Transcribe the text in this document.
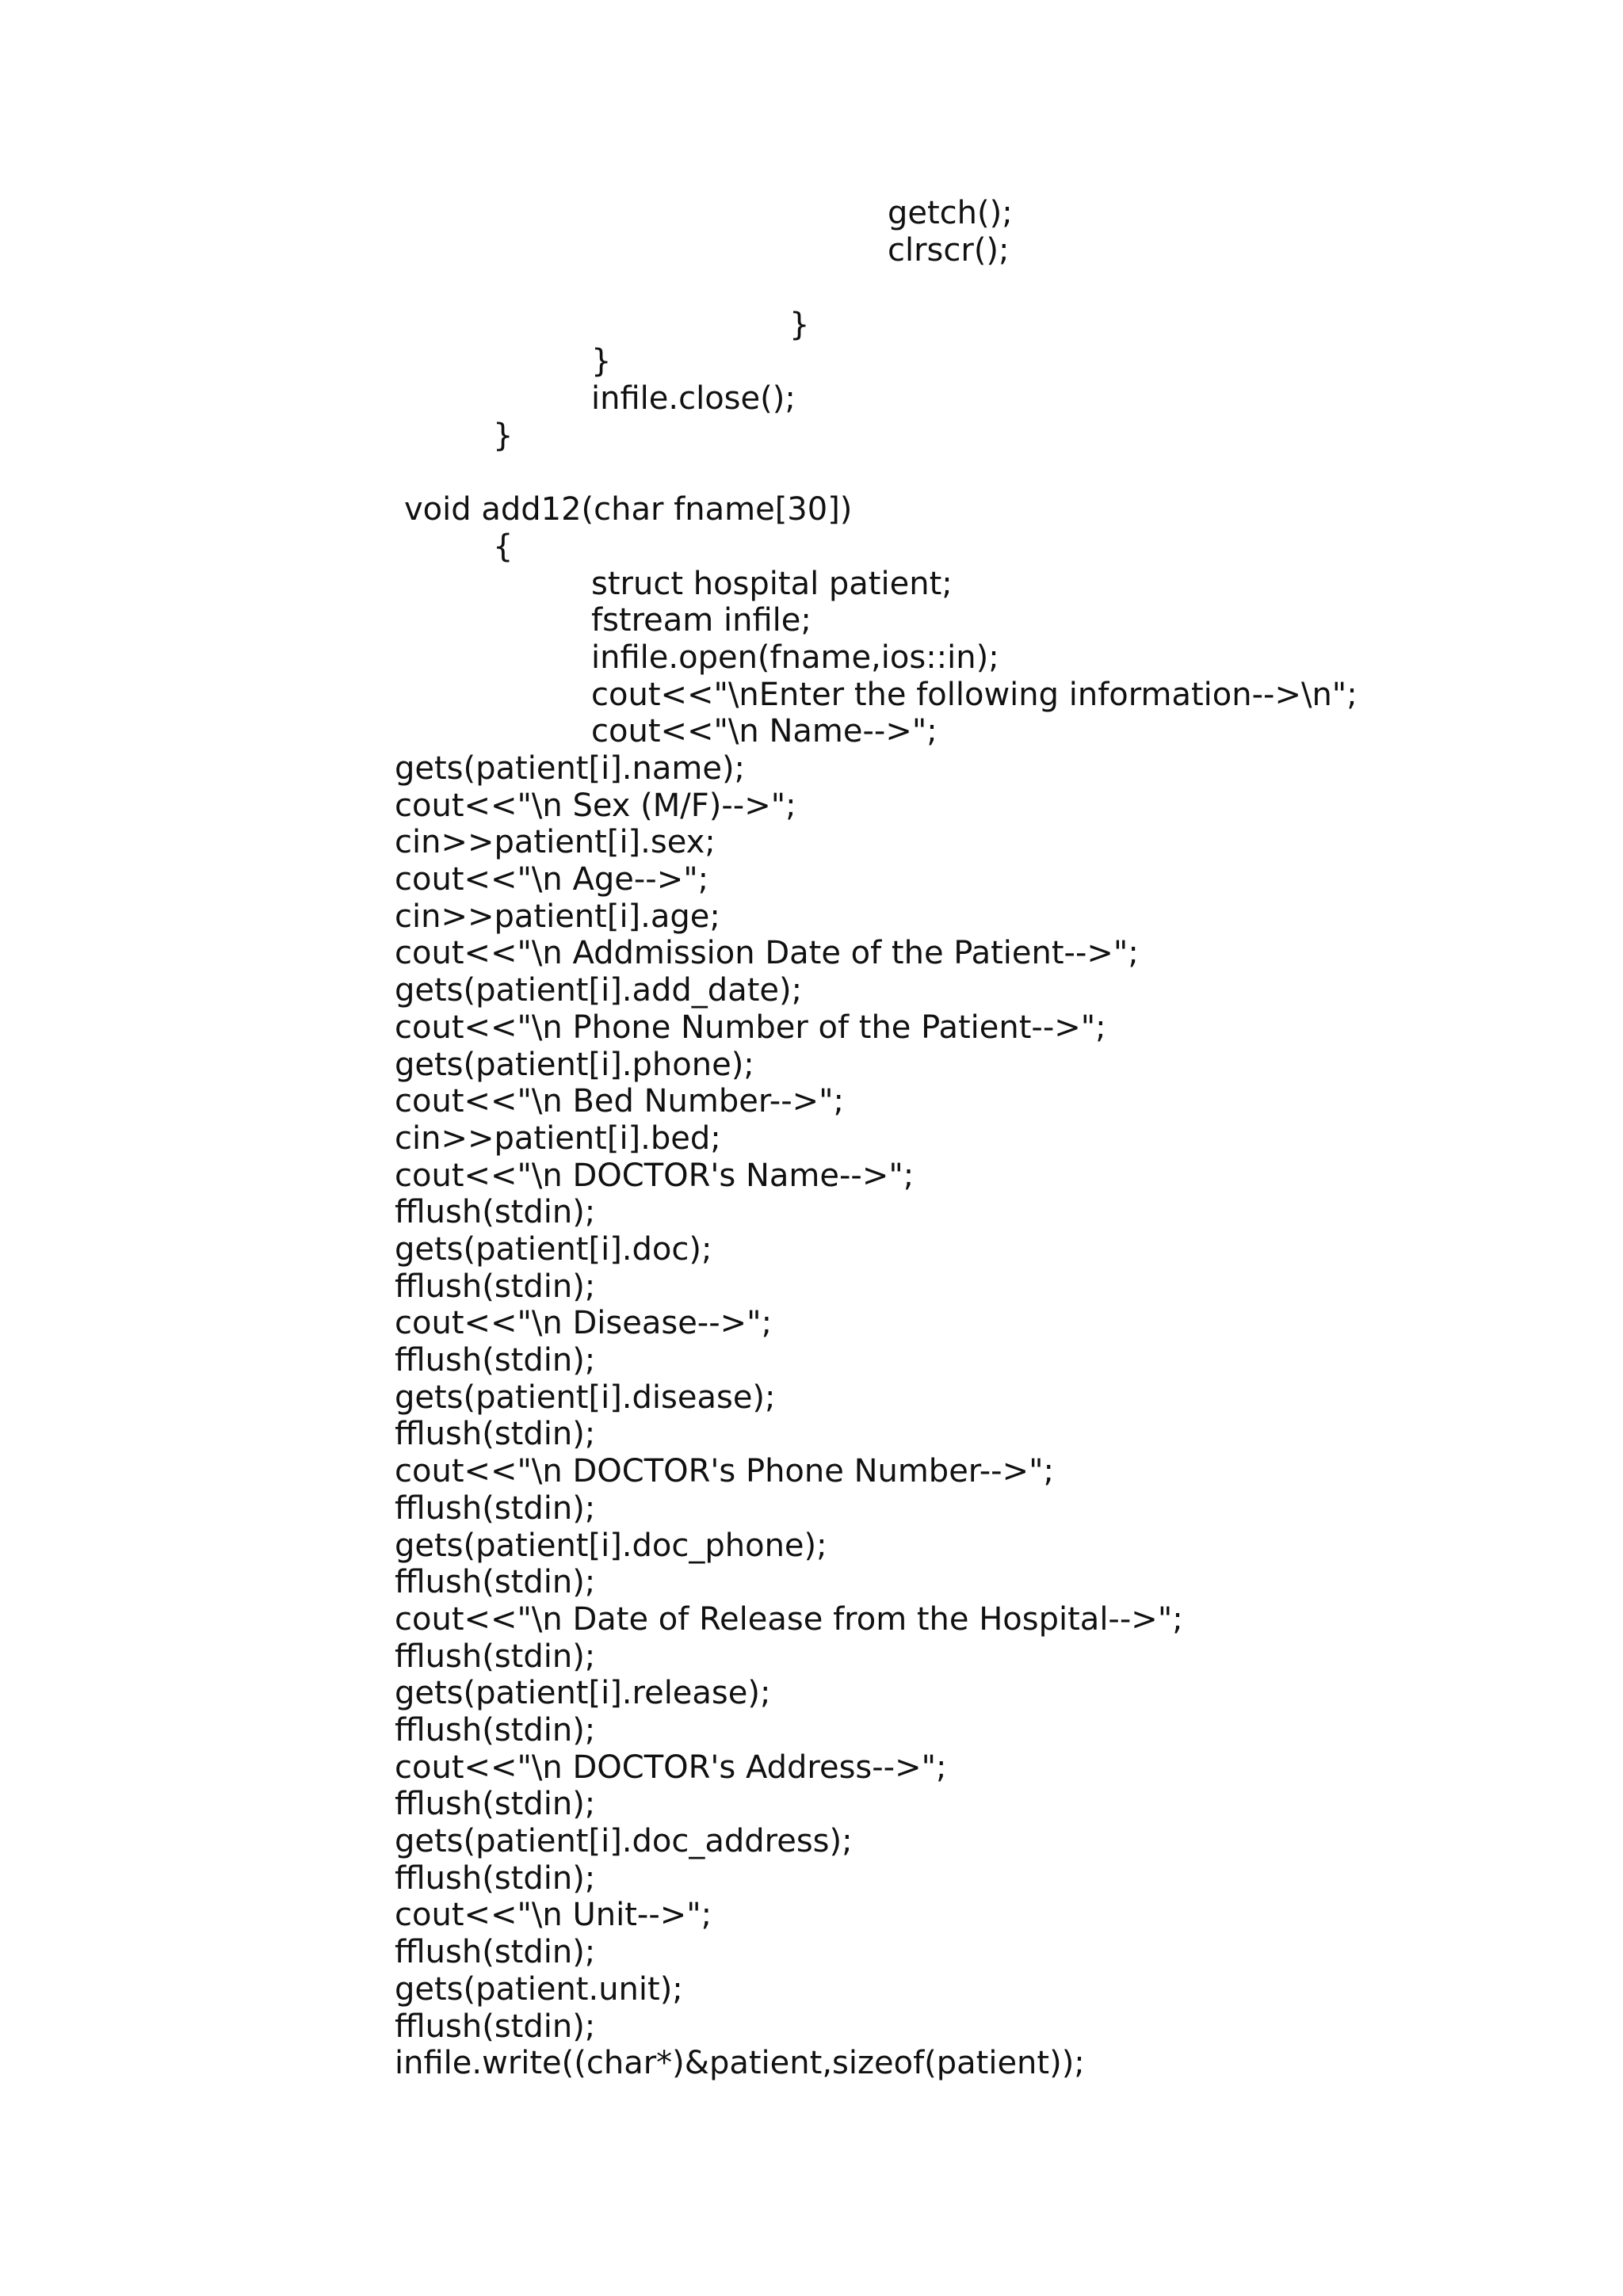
getch();
clrscr();
}
}
infile.close();
}
void add12(char fname[30])
{
struct hospital patient;
fstream infile;
infile.open(fname,ios::in);
cout<<"\nEnter the following information-->\n";
cout<<"\n Name-->";
gets(patient[i].name);
cout<<"\n Sex (M/F)-->";
cin>>patient[i].sex;
cout<<"\n Age-->";
cin>>patient[i].age;
cout<<"\n Addmission Date of the Patient-->";
gets(patient[i].add_date);
cout<<"\n Phone Number of the Patient-->";
gets(patient[i].phone);
cout<<"\n Bed Number-->";
cin>>patient[i].bed;
cout<<"\n DOCTOR's Name-->";
fflush(stdin);
gets(patient[i].doc);
fflush(stdin);
cout<<"\n Disease-->";
fflush(stdin);
gets(patient[i].disease);
fflush(stdin);
cout<<"\n DOCTOR's Phone Number-->";
fflush(stdin);
gets(patient[i].doc_phone);
fflush(stdin);
cout<<"\n Date of Release from the Hospital-->";
fflush(stdin);
gets(patient[i].release);
fflush(stdin);
cout<<"\n DOCTOR's Address-->";
fflush(stdin);
gets(patient[i].doc_address);
fflush(stdin);
cout<<"\n Unit-->";
fflush(stdin);
gets(patient.unit);
fflush(stdin);
infile.write((char*)&patient,sizeof(patient));
